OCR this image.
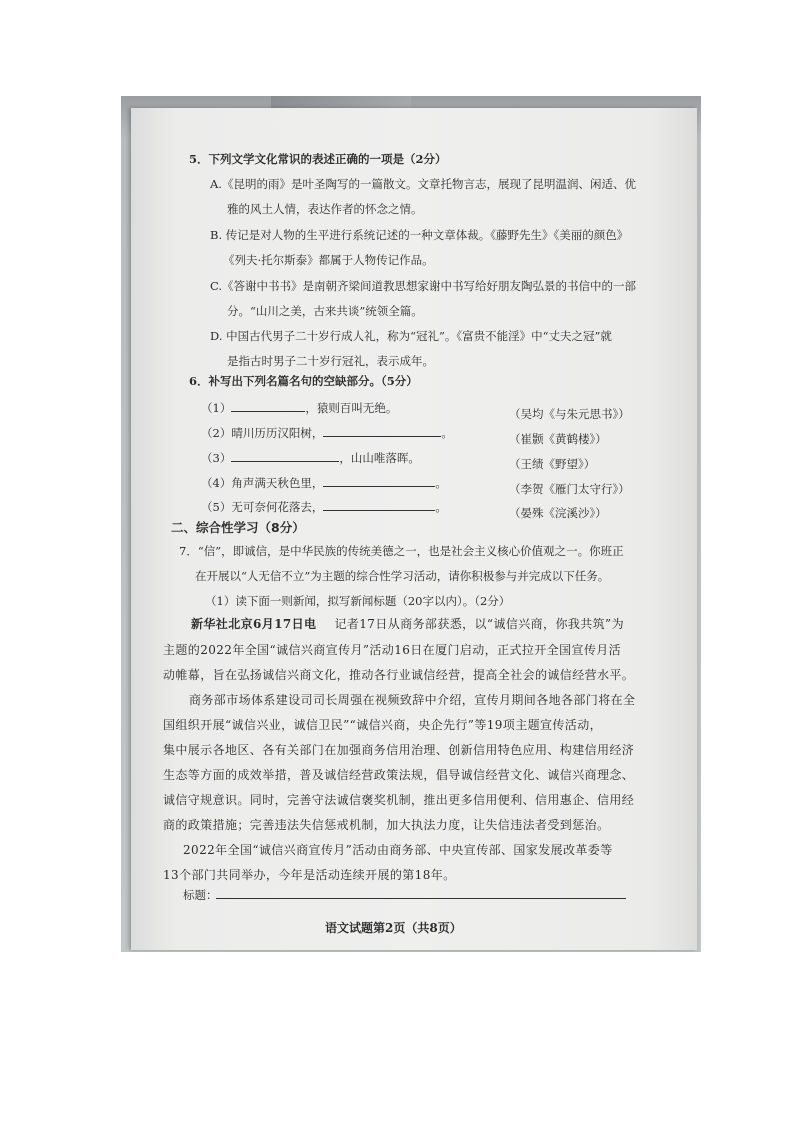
5．下列文学文化常识的表述正确的一项是（2分）
A.《昆明的雨》是叶圣陶写的一篇散文。文章托物言志，展现了昆明温润、闲适、优
雅的风土人情，表达作者的怀念之情。
B. 传记是对人物的生平进行系统记述的一种文章体裁。《藤野先生》《美丽的颜色》
《列夫·托尔斯泰》都属于人物传记作品。
C.《答谢中书书》是南朝齐梁间道教思想家谢中书写给好朋友陶弘景的书信中的一部
分。“山川之美，古来共谈”统领全篇。
D. 中国古代男子二十岁行成人礼，称为“冠礼”。《富贵不能淫》中“丈夫之冠”就
是指古时男子二十岁行冠礼，表示成年。
6．补写出下列名篇名句的空缺部分。（5分）
（1）	，猿则百叫无绝。	（吴均《与朱元思书》）
（2）晴川历历汉阳树，	。	（崔颢《黄鹤楼》）
（3）	，山山唯落晖。	（王绩《野望》）
（4）角声满天秋色里，	。	（李贺《雁门太守行》）
（5）无可奈何花落去，	。	（晏殊《浣溪沙》）
二、综合性学习（8分）
7．“信”，即诚信，是中华民族的传统美德之一，也是社会主义核心价值观之一。你班正
在开展以“人无信不立”为主题的综合性学习活动，请你积极参与并完成以下任务。
（1）读下面一则新闻，拟写新闻标题（20字以内）。（2分）
新华社北京6月17日电 记者17日从商务部获悉，以“诚信兴商，你我共筑”为
主题的2022年全国“诚信兴商宣传月”活动16日在厦门启动，正式拉开全国宣传月活
动帷幕，旨在弘扬诚信兴商文化，推动各行业诚信经营，提高全社会的诚信经营水平。
商务部市场体系建设司司长周强在视频致辞中介绍，宣传月期间各地各部门将在全
国组织开展“诚信兴业，诚信卫民”“诚信兴商，央企先行”等19项主题宣传活动，
集中展示各地区、各有关部门在加强商务信用治理、创新信用特色应用、构建信用经济
生态等方面的成效举措，普及诚信经营政策法规，倡导诚信经营文化、诚信兴商理念、
诚信守规意识。同时，完善守法诚信褒奖机制，推出更多信用便利、信用惠企、信用经
商的政策措施；完善违法失信惩戒机制，加大执法力度，让失信违法者受到惩治。
2022年全国“诚信兴商宣传月”活动由商务部、中央宣传部、国家发展改革委等
13个部门共同举办，今年是活动连续开展的第18年。
标题：
语文试题第2页（共8页）
